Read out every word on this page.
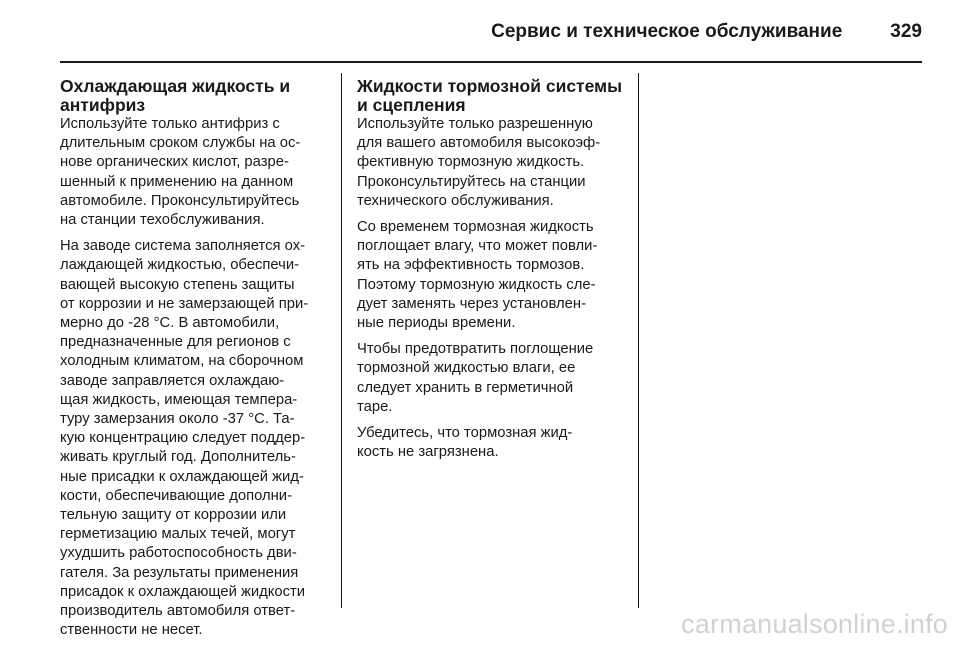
Сервис и техническое обслуживание	329
Охлаждающая жидкость и
антифриз

Используйте только антифриз с
длительным сроком службы на ос-
нове органических кислот, разре-
шенный к применению на данном
автомобиле. Проконсультируйтесь
на станции техобслуживания.

На заводе система заполняется ох-
лаждающей жидкостью, обеспечи-
вающей высокую степень защиты
от коррозии и не замерзающей при-
мерно до -28 °C. В автомобили,
предназначенные для регионов с
холодным климатом, на сборочном
заводе заправляется охлаждаю-
щая жидкость, имеющая темпера-
туру замерзания около -37 °C. Та-
кую концентрацию следует поддер-
живать круглый год. Дополнитель-
ные присадки к охлаждающей жид-
кости, обеспечивающие дополни-
тельную защиту от коррозии или
герметизацию малых течей, могут
ухудшить работоспособность дви-
гателя. За результаты применения
присадок к охлаждающей жидкости
производитель автомобиля ответ-
ственности не несет.

Жидкости тормозной системы
и сцепления

Используйте только разрешенную
для вашего автомобиля высокоэф-
фективную тормозную жидкость.
Проконсультируйтесь на станции
технического обслуживания.

Со временем тормозная жидкость
поглощает влагу, что может повли-
ять на эффективность тормозов.
Поэтому тормозную жидкость сле-
дует заменять через установлен-
ные периоды времени.

Чтобы предотвратить поглощение
тормозной жидкостью влаги, ее
следует хранить в герметичной
таре.

Убедитесь, что тормозная жид-
кость не загрязнена.

carmanualsonline.info
